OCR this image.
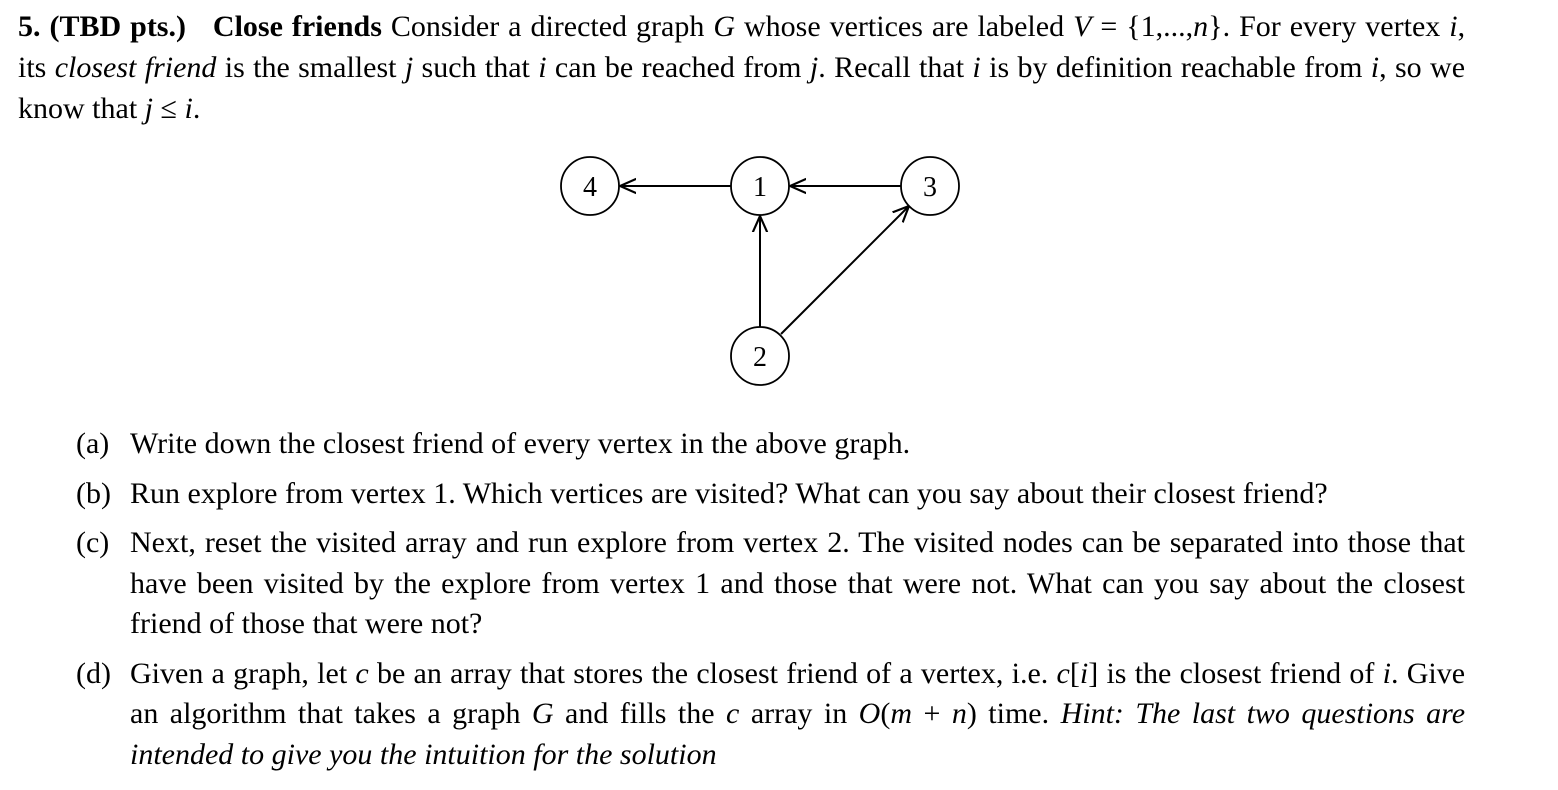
5. (TBD pts.) Close friends Consider a directed graph G whose vertices are labeled V = {1,...,n}. For every vertex i, its closest friend is the smallest j such that i can be reached from j. Recall that i is by definition reachable from i, so we know that j ≤ i.
4	1	3
2
(a) Write down the closest friend of every vertex in the above graph.
(b) Run explore from vertex 1. Which vertices are visited? What can you say about their closest friend?
(c) Next, reset the visited array and run explore from vertex 2. The visited nodes can be separated into those that have been visited by the explore from vertex 1 and those that were not. What can you say about the closest friend of those that were not?
(d) Given a graph, let c be an array that stores the closest friend of a vertex, i.e. c[i] is the closest friend of i. Give an algorithm that takes a graph G and fills the c array in O(m + n) time. Hint: The last two questions are intended to give you the intuition for the solution
